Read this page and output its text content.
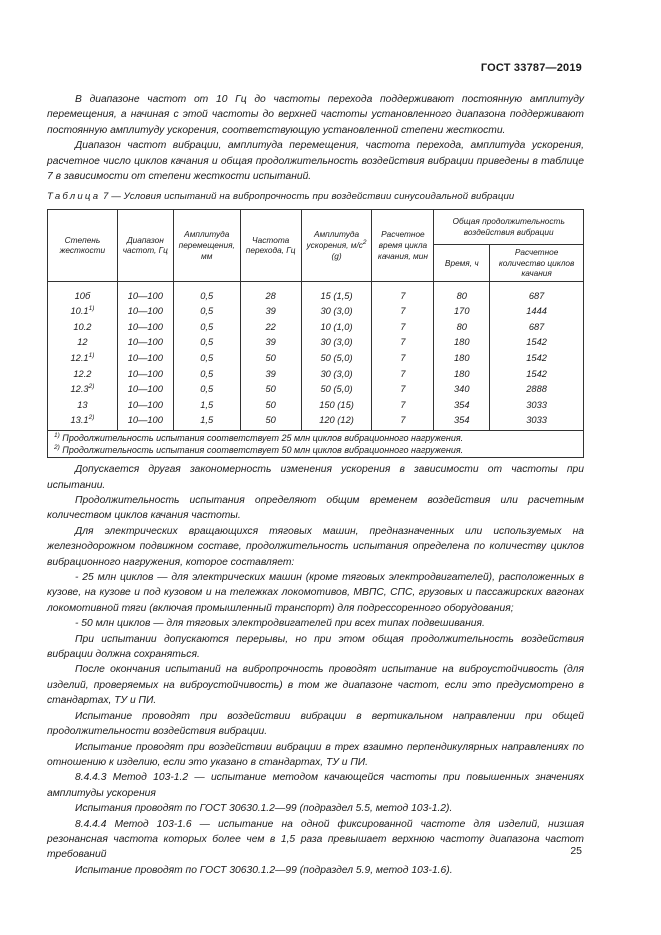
ГОСТ 33787—2019

В диапазоне частот от 10 Гц до частоты перехода поддерживают постоянную амплитуду перемещения, а начиная с этой частоты до верхней частоты установленного диапазона поддерживают постоянную амплитуду ускорения, соответствующую установленной степени жесткости.

Диапазон частот вибрации, амплитуда перемещения, частота перехода, амплитуда ускорения, расчетное число циклов качания и общая продолжительность воздействия вибрации приведены в таблице 7 в зависимости от степени жесткости испытаний.

Таблица 7 — Условия испытаний на вибропрочность при воздействии синусоидальной вибрации

Степень жесткости	Диапазон частот, Гц	Амплитуда перемещения, мм	Частота перехода, Гц	Амплитуда ускорения, $м/с^2$ (g)	Расчетное время цикла качания, мин	Общая продолжительность воздействия вибрации	
						Время, ч	Расчетное количество циклов качания
10б	10—100	0,5	28	15 (1,5)	7	80	687
10.1$^{1)}$	10—100	0,5	39	30 (3,0)	7	170	1444
10.2	10—100	0,5	22	10 (1,0)	7	80	687
12	10—100	0,5	39	30 (3,0)	7	180	1542
12.1$^{1)}$	10—100	0,5	50	50 (5,0)	7	180	1542
12.2	10—100	0,5	39	30 (3,0)	7	180	1542
12.3$^{2)}$	10—100	0,5	50	50 (5,0)	7	340	2888
13	10—100	1,5	50	150 (15)	7	354	3033
13.1$^{2)}$	10—100	1,5	50	120 (12)	7	354	3033

$^{1)}$ Продолжительность испытания соответствует 25 млн циклов вибрационного нагружения.
$^{2)}$ Продолжительность испытания соответствует 50 млн циклов вибрационного нагружения.							

Допускается другая закономерность изменения ускорения в зависимости от частоты при испытании.

Продолжительность испытания определяют общим временем воздействия или расчетным количеством циклов качания частоты.

Для электрических вращающихся тяговых машин, предназначенных или используемых на железнодорожном подвижном составе, продолжительность испытания определена по количеству циклов вибрационного нагружения, которое составляет:

- 25 млн циклов — для электрических машин (кроме тяговых электродвигателей), расположенных в кузове, на кузове и под кузовом и на тележках локомотивов, МВПС, СПС, грузовых и пассажирских вагонах локомотивной тяги (включая промышленный транспорт) для подрессоренного оборудования;

- 50 млн циклов — для тяговых электродвигателей при всех типах подвешивания.

При испытании допускаются перерывы, но при этом общая продолжительность воздействия вибрации должна сохраняться.

После окончания испытаний на вибропрочность проводят испытание на виброустойчивость (для изделий, проверяемых на виброустойчивость) в том же диапазоне частот, если это предусмотрено в стандартах, ТУ и ПИ.

Испытание проводят при воздействии вибрации в вертикальном направлении при общей продолжительности воздействия вибрации.

Испытание проводят при воздействии вибрации в трех взаимно перпендикулярных направлениях по отношению к изделию, если это указано в стандартах, ТУ и ПИ.

8.4.4.3 Метод 103-1.2 — испытание методом качающейся частоты при повышенных значениях амплитуды ускорения

Испытания проводят по ГОСТ 30630.1.2—99 (подраздел 5.5, метод 103-1.2).

8.4.4.4 Метод 103-1.6 — испытание на одной фиксированной частоте для изделий, низшая резонансная частота которых более чем в 1,5 раза превышает верхнюю частоту диапазона частот требований

Испытание проводят по ГОСТ 30630.1.2—99 (подраздел 5.9, метод 103-1.6).

25
